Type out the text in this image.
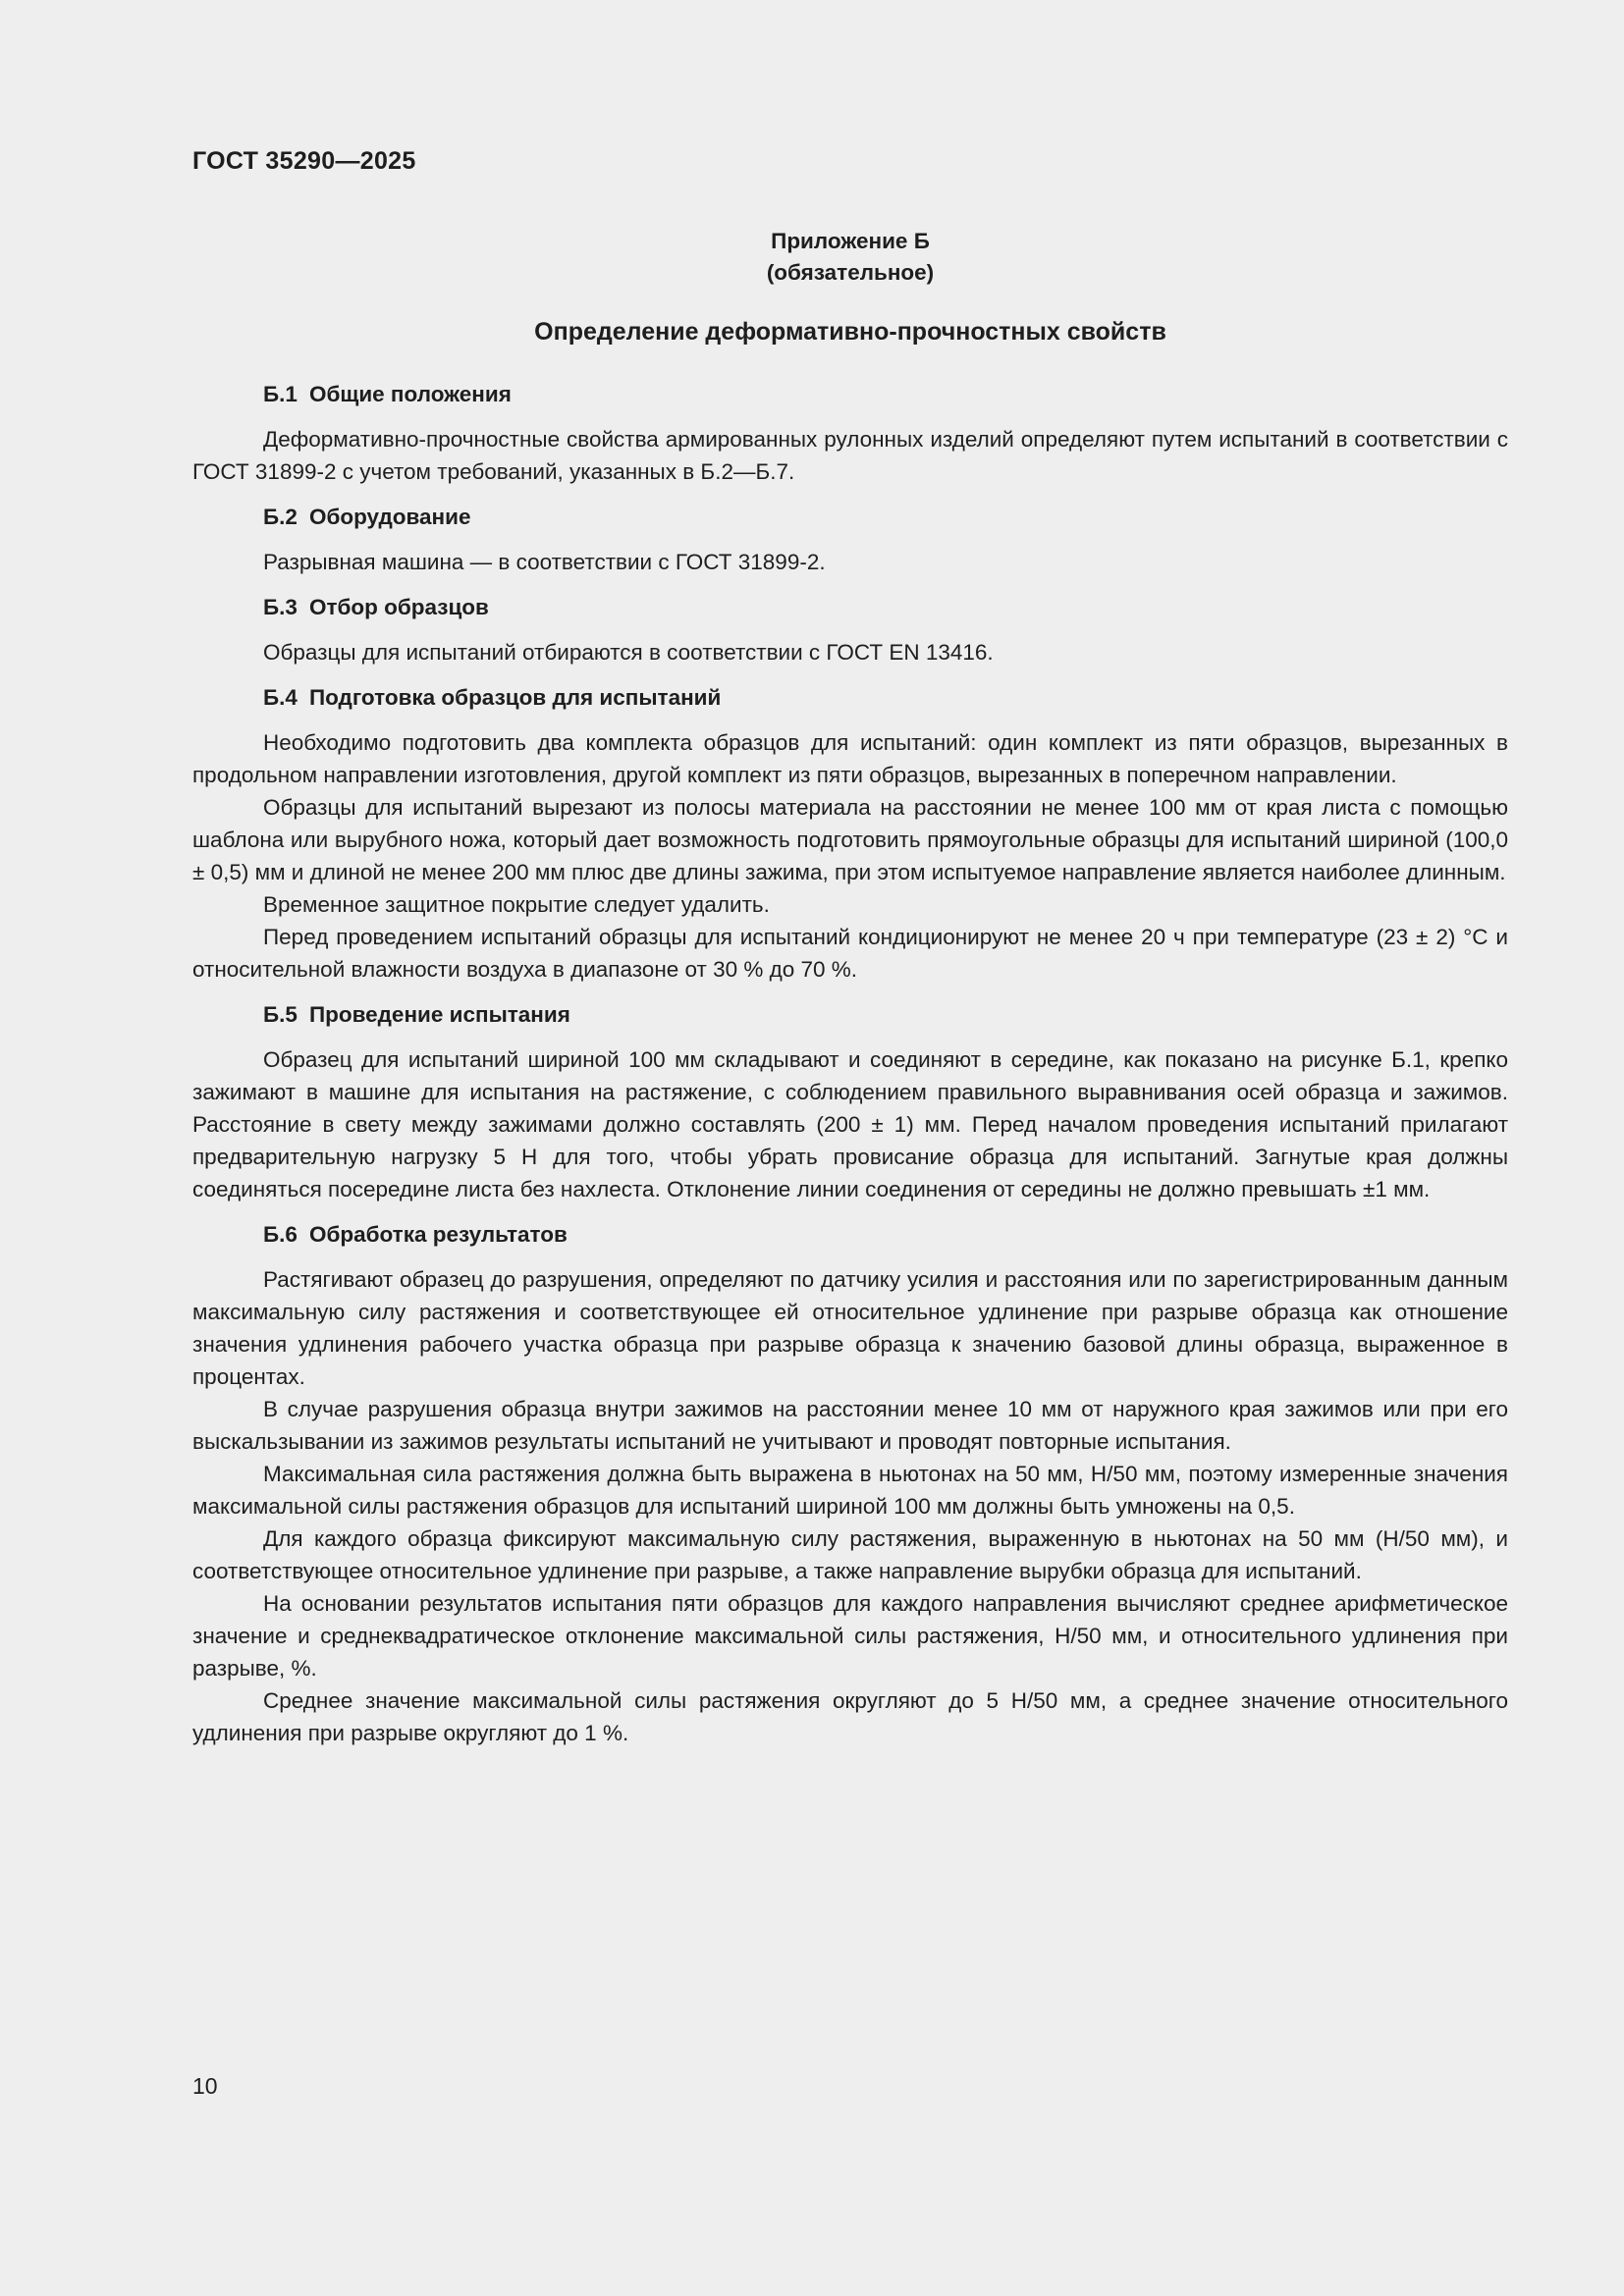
ГОСТ 35290—2025
Приложение Б
(обязательное)
Определение деформативно-прочностных свойств
Б.1 Общие положения

Деформативно-прочностные свойства армированных рулонных изделий определяют путем испытаний в соответствии с ГОСТ 31899-2 с учетом требований, указанных в Б.2—Б.7.

Б.2 Оборудование

Разрывная машина — в соответствии с ГОСТ 31899-2.

Б.3 Отбор образцов

Образцы для испытаний отбираются в соответствии с ГОСТ EN 13416.

Б.4 Подготовка образцов для испытаний

Необходимо подготовить два комплекта образцов для испытаний: один комплект из пяти образцов, вырезанных в продольном направлении изготовления, другой комплект из пяти образцов, вырезанных в поперечном направлении.

Образцы для испытаний вырезают из полосы материала на расстоянии не менее 100 мм от края листа с помощью шаблона или вырубного ножа, который дает возможность подготовить прямоугольные образцы для испытаний шириной (100,0 ± 0,5) мм и длиной не менее 200 мм плюс две длины зажима, при этом испытуемое направление является наиболее длинным.

Временное защитное покрытие следует удалить.

Перед проведением испытаний образцы для испытаний кондиционируют не менее 20 ч при температуре (23 ± 2) °С и относительной влажности воздуха в диапазоне от 30 % до 70 %.

Б.5 Проведение испытания

Образец для испытаний шириной 100 мм складывают и соединяют в середине, как показано на рисунке Б.1, крепко зажимают в машине для испытания на растяжение, с соблюдением правильного выравнивания осей образца и зажимов. Расстояние в свету между зажимами должно составлять (200 ± 1) мм. Перед началом проведения испытаний прилагают предварительную нагрузку 5 Н для того, чтобы убрать провисание образца для испытаний. Загнутые края должны соединяться посередине листа без нахлеста. Отклонение линии соединения от середины не должно превышать ±1 мм.

Б.6 Обработка результатов

Растягивают образец до разрушения, определяют по датчику усилия и расстояния или по зарегистрированным данным максимальную силу растяжения и соответствующее ей относительное удлинение при разрыве образца как отношение значения удлинения рабочего участка образца при разрыве образца к значению базовой длины образца, выраженное в процентах.

В случае разрушения образца внутри зажимов на расстоянии менее 10 мм от наружного края зажимов или при его выскальзывании из зажимов результаты испытаний не учитывают и проводят повторные испытания.

Максимальная сила растяжения должна быть выражена в ньютонах на 50 мм, Н/50 мм, поэтому измеренные значения максимальной силы растяжения образцов для испытаний шириной 100 мм должны быть умножены на 0,5.

Для каждого образца фиксируют максимальную силу растяжения, выраженную в ньютонах на 50 мм (Н/50 мм), и соответствующее относительное удлинение при разрыве, а также направление вырубки образца для испытаний.

На основании результатов испытания пяти образцов для каждого направления вычисляют среднее арифметическое значение и среднеквадратическое отклонение максимальной силы растяжения, Н/50 мм, и относительного удлинения при разрыве, %.

Среднее значение максимальной силы растяжения округляют до 5 Н/50 мм, а среднее значение относительного удлинения при разрыве округляют до 1 %.

10
